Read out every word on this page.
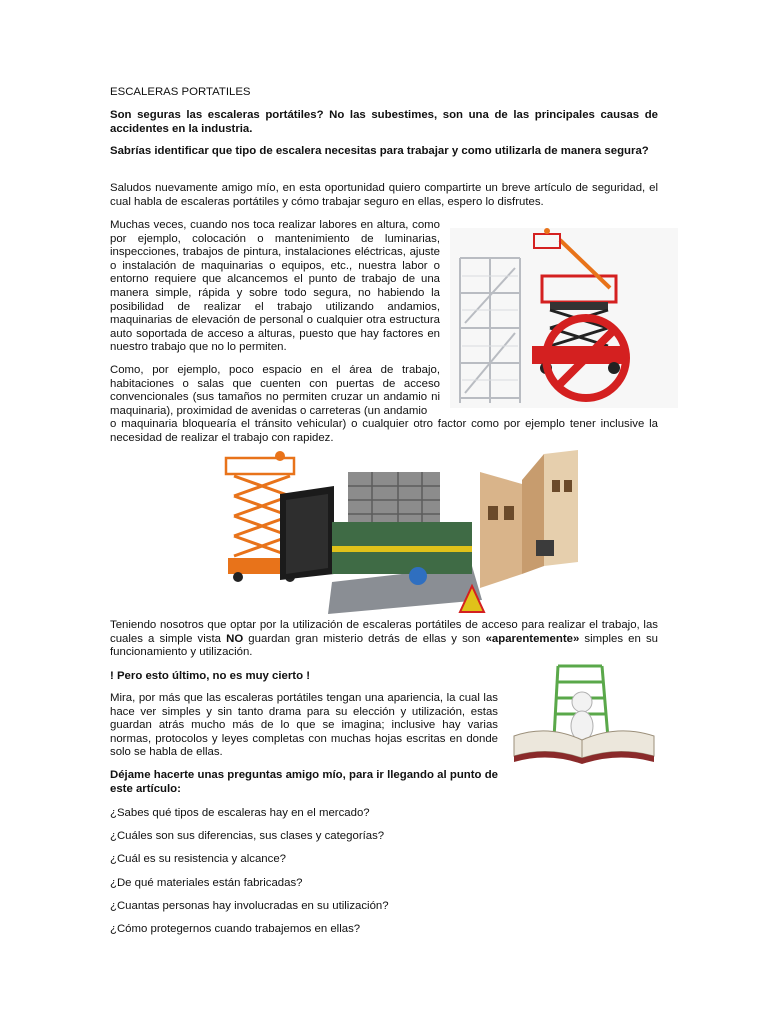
ESCALERAS PORTATILES
Son seguras las escaleras portátiles? No las subestimes, son una de las principales causas de accidentes en la industria.
Sabrías identificar que tipo de escalera necesitas para trabajar y como utilizarla de manera segura?
Saludos nuevamente amigo mío, en esta oportunidad quiero compartirte un breve artículo de seguridad, el cual habla de escaleras portátiles y cómo trabajar seguro en ellas, espero lo disfrutes.
Muchas veces, cuando nos toca realizar labores en altura, como por ejemplo, colocación o mantenimiento de luminarias, inspecciones, trabajos de pintura, instalaciones eléctricas, ajuste o instalación de maquinarias o equipos, etc., nuestra labor o entorno requiere que alcancemos el punto de trabajo de una manera simple, rápida y sobre todo segura, no habiendo la posibilidad de realizar el trabajo utilizando andamios, maquinarias de elevación de personal o cualquier otra estructura auto soportada de acceso a alturas, puesto que hay factores en nuestro trabajo que no lo permiten.
Como, por ejemplo, poco espacio en el área de trabajo, habitaciones o salas que cuenten con puertas de acceso convencionales (sus tamaños no permiten cruzar un andamio ni maquinaria), proximidad de avenidas o carreteras (un andamio
o maquinaria bloquearía el tránsito vehicular) o cualquier otro factor como por ejemplo tener inclusive la necesidad de realizar el trabajo con rapidez.
Teniendo nosotros que optar por la utilización de escaleras portátiles de acceso para realizar el trabajo, las cuales a simple vista NO guardan gran misterio detrás de ellas y son «aparentemente» simples en su funcionamiento y utilización.
! Pero esto último, no es muy cierto !
Mira, por más que las escaleras portátiles tengan una apariencia, la cual las hace ver simples y sin tanto drama para su elección y utilización, estas guardan atrás mucho más de lo que se imagina; inclusive hay varias normas, protocolos y leyes completas con muchas hojas escritas en donde solo se habla de ellas.
Déjame hacerte unas preguntas amigo mío, para ir llegando al punto de este artículo:
¿Sabes qué tipos de escaleras hay en el mercado?
¿Cuáles son sus diferencias, sus clases y categorías?
¿Cuál es su resistencia y alcance?
¿De qué materiales están fabricadas?
¿Cuantas personas hay involucradas en su utilización?
¿Cómo protegernos cuando trabajemos en ellas?
